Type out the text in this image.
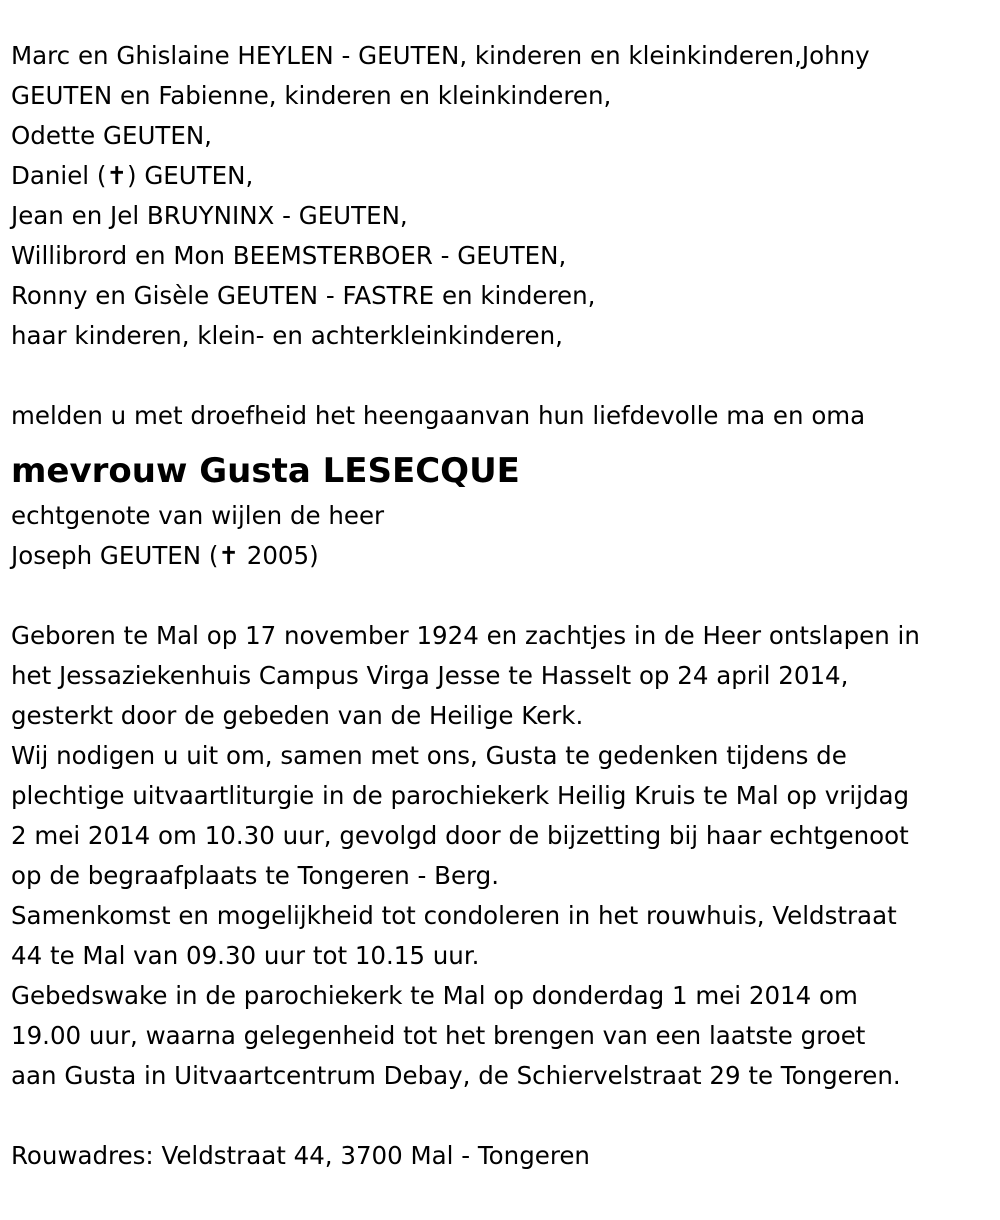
Marc en Ghislaine HEYLEN - GEUTEN, kinderen en kleinkinderen,Johny
GEUTEN en Fabienne, kinderen en kleinkinderen,
Odette GEUTEN,
Daniel (✝) GEUTEN,
Jean en Jel BRUYNINX - GEUTEN,
Willibrord en Mon BEEMSTERBOER - GEUTEN,
Ronny en Gisèle GEUTEN - FASTRE en kinderen,
haar kinderen, klein- en achterkleinkinderen,
melden u met droefheid het heengaanvan hun liefdevolle ma en oma
mevrouw Gusta LESECQUE
echtgenote van wijlen de heer
Joseph GEUTEN (✝ 2005)
Geboren te Mal op 17 november 1924 en zachtjes in de Heer ontslapen in
het Jessaziekenhuis Campus Virga Jesse te Hasselt op 24 april 2014,
gesterkt door de gebeden van de Heilige Kerk.
Wij nodigen u uit om, samen met ons, Gusta te gedenken tijdens de
plechtige uitvaartliturgie in de parochiekerk Heilig Kruis te Mal op vrijdag
2 mei 2014 om 10.30 uur, gevolgd door de bijzetting bij haar echtgenoot
op de begraafplaats te Tongeren - Berg.
Samenkomst en mogelijkheid tot condoleren in het rouwhuis, Veldstraat
44 te Mal van 09.30 uur tot 10.15 uur.
Gebedswake in de parochiekerk te Mal op donderdag 1 mei 2014 om
19.00 uur, waarna gelegenheid tot het brengen van een laatste groet
aan Gusta in Uitvaartcentrum Debay, de Schiervelstraat 29 te Tongeren.
Rouwadres: Veldstraat 44, 3700 Mal - Tongeren
